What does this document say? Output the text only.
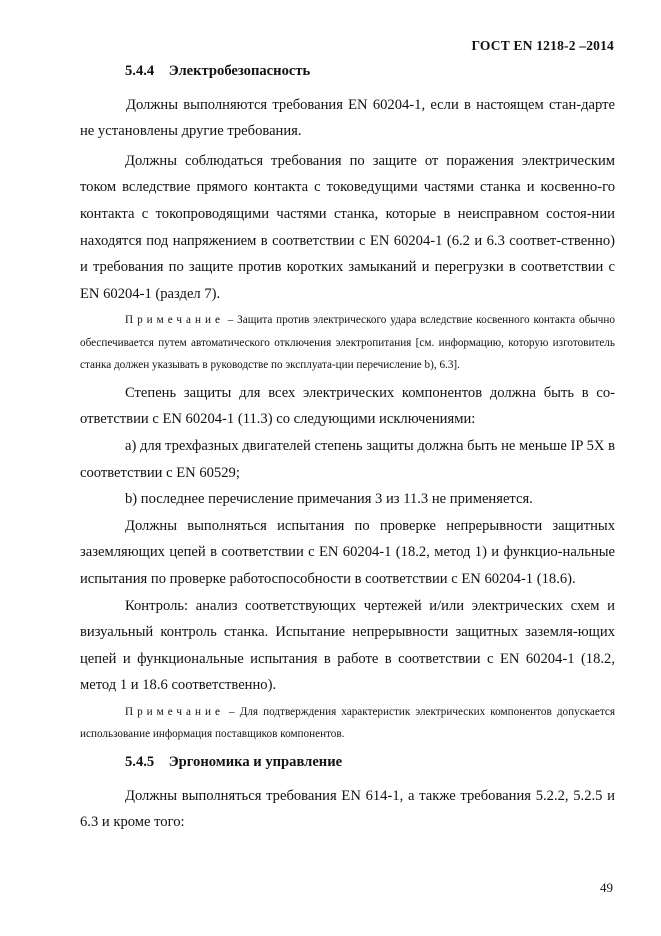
ГОСТ EN 1218-2 –2014

5.4.4    Электробезопасность

Должны выполняются требования EN 60204-1, если в настоящем стан-дарте не установлены другие требования.

Должны соблюдаться требования по защите от поражения электрическим током вследствие прямого контакта с токоведущими частями станка и косвенно-го контакта с токопроводящими частями станка, которые в неисправном состоя-нии находятся под напряжением в соответствии с EN 60204-1 (6.2 и 6.3 соответ-ственно) и требования по защите против коротких замыканий и перегрузки в соответствии с EN 60204-1 (раздел 7).

Примечание – Защита против электрического удара вследствие косвенного контакта обычно обеспечивается путем автоматического отключения электропитания [см. информацию, которую изготовитель станка должен указывать в руководстве по эксплуата-ции перечисление b), 6.3].

Степень защиты для всех электрических компонентов должна быть в со-ответствии с EN 60204-1 (11.3) со следующими исключениями:

a) для трехфазных двигателей степень защиты должна быть не меньше IP 5X в соответствии с EN 60529;

b) последнее перечисление примечания 3 из 11.3 не применяется.

Должны выполняться испытания по проверке непрерывности защитных заземляющих цепей в соответствии с EN 60204-1 (18.2, метод 1) и функцио-нальные испытания по проверке работоспособности в соответствии с EN 60204-1 (18.6).

Контроль: анализ соответствующих чертежей и/или электрических схем и визуальный контроль станка. Испытание непрерывности защитных заземля-ющих цепей и функциональные испытания в работе в соответствии с EN 60204-1 (18.2, метод 1 и 18.6 соответственно).

Примечание – Для подтверждения характеристик электрических компонентов допускается использование информация поставщиков компонентов.

5.4.5    Эргономика и управление

Должны выполняться требования EN 614-1, а также требования 5.2.2, 5.2.5 и 6.3 и кроме того:

49
